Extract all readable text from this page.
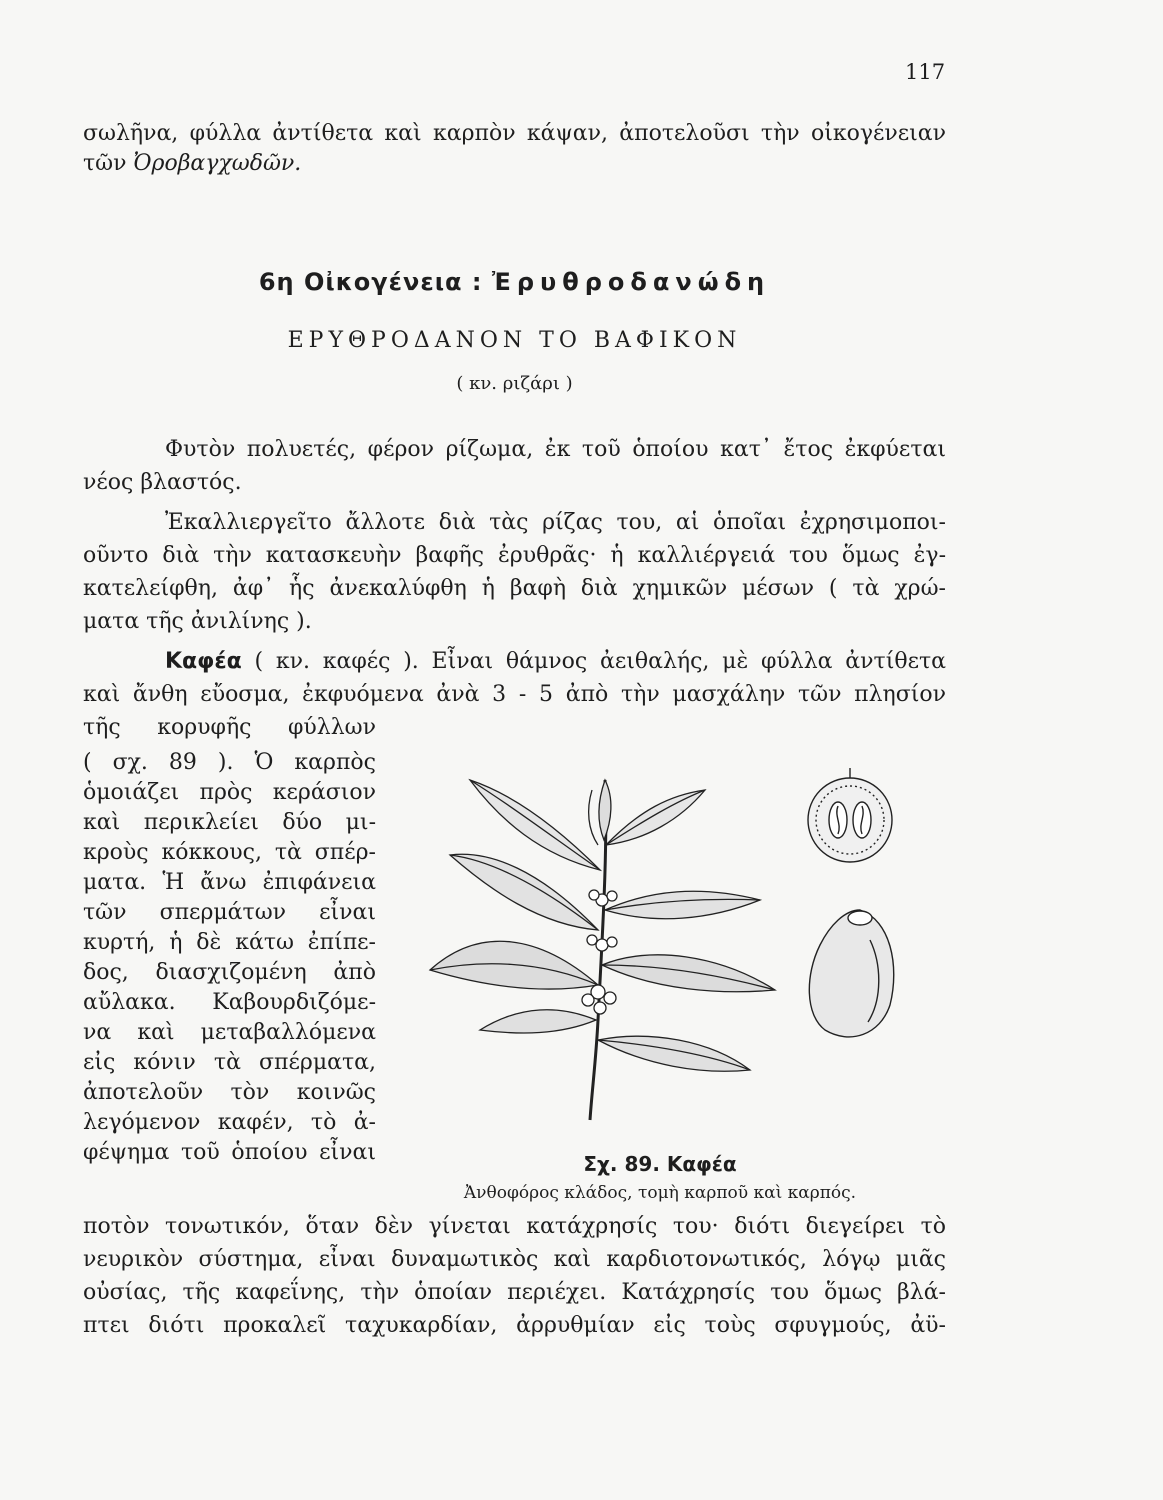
117
σωλῆνα, φύλλα ἀντίθετα καὶ καρπὸν κάψαν, ἀποτελοῦσι τὴν οἰκογένειαν
τῶν Ὀροβαγχωδῶν.
6η Οἰκογένεια : Ἐρυθροδανώδη
ΕΡΥΘΡΟΔΑΝΟΝ ΤΟ ΒΑΦΙΚΟΝ
( κν. ριζάρι )
Φυτὸν πολυετές, φέρον ρίζωμα, ἐκ τοῦ ὁποίου κατ᾽ ἔτος ἐκφύεται
νέος βλαστός.
Ἐκαλλιεργεῖτο ἄλλοτε διὰ τὰς ρίζας του, αἱ ὁποῖαι ἐχρησιμοποι-
οῦντο διὰ τὴν κατασκευὴν βαφῆς ἐρυθρᾶς· ἡ καλλιέργειά του ὅμως ἐγ-
κατελείφθη, ἀφ᾽ ἧς ἀνεκαλύφθη ἡ βαφὴ διὰ χημικῶν μέσων ( τὰ χρώ-
ματα τῆς ἀνιλίνης ).
Καφέα ( κν. καφές ). Εἶναι θάμνος ἀειθαλής, μὲ φύλλα ἀντίθετα
καὶ ἄνθη εὔοσμα, ἐκφυόμενα ἀνὰ 3 - 5 ἀπὸ τὴν μασχάλην τῶν πλησίον
τῆς κορυφῆς φύλλων
( σχ. 89 ). Ὁ καρπὸς
ὁμοιάζει πρὸς κεράσιον
καὶ περικλείει δύο μι-
κροὺς κόκκους, τὰ σπέρ-
ματα. Ἡ ἄνω ἐπιφάνεια
τῶν σπερμάτων εἶναι
κυρτή, ἡ δὲ κάτω ἐπίπε-
δος, διασχιζομένη ἀπὸ
αὔλακα. Καβουρδιζόμε-
να καὶ μεταβαλλόμενα
εἰς κόνιν τὰ σπέρματα,
ἀποτελοῦν τὸν κοινῶς
λεγόμενον καφέν, τὸ ἀ-
φέψημα τοῦ ὁποίου εἶναι	Σχ. 89. Καφέα
Ἀνθοφόρος κλάδος, τομὴ καρποῦ καὶ καρπός.
ποτὸν τονωτικόν, ὅταν δὲν γίνεται κατάχρησίς του· διότι διεγείρει τὸ
νευρικὸν σύστημα, εἶναι δυναμωτικὸς καὶ καρδιοτονωτικός, λόγῳ μιᾶς
οὐσίας, τῆς καφεΐνης, τὴν ὁποίαν περιέχει. Κατάχρησίς του ὅμως βλά-
πτει διότι προκαλεῖ ταχυκαρδίαν, ἀρρυθμίαν εἰς τοὺς σφυγμούς, ἀϋ-
